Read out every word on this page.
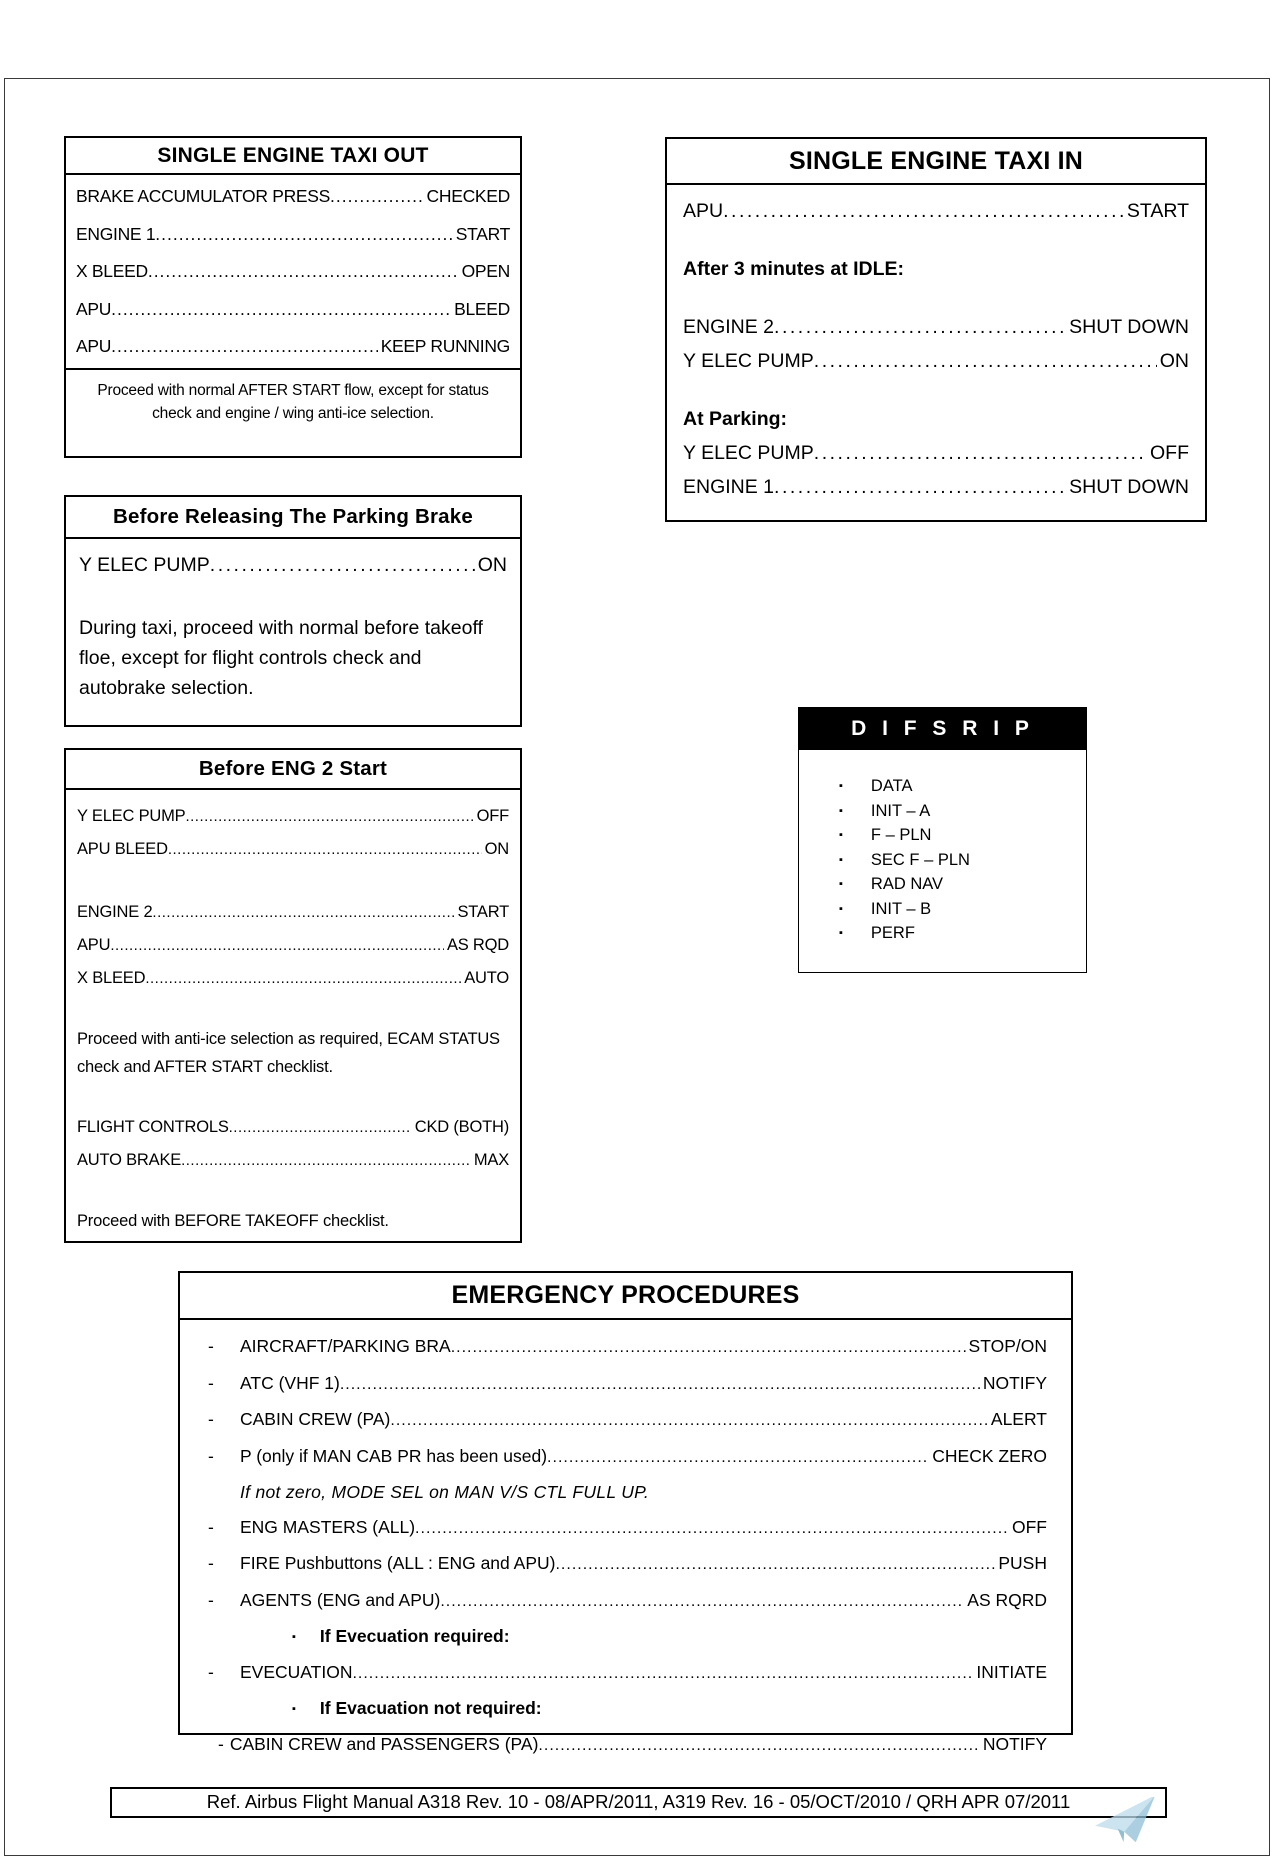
SINGLE ENGINE TAXI OUT
BRAKE ACCUMULATOR PRESS .....	CHECKED
ENGINE 1 .....	START
X BLEED .....	OPEN
APU .....	BLEED
APU .....	KEEP RUNNING
Proceed with normal AFTER START flow, except for status check and engine / wing anti-ice selection.
SINGLE ENGINE TAXI IN
APU .....	START
After 3 minutes at IDLE:
ENGINE 2 .....	SHUT DOWN
Y ELEC PUMP .....	ON
At Parking:
Y ELEC PUMP .....	OFF
ENGINE 1 .....	SHUT DOWN
Before Releasing The Parking Brake
Y ELEC PUMP .....	ON
During taxi, proceed with normal before takeoff floe, except for flight controls check and autobrake selection.
Before ENG 2 Start
Y ELEC PUMP .....	OFF
APU BLEED .....	ON
ENGINE 2 .....	START
APU .....	AS RQD
X BLEED .....	AUTO
Proceed with anti-ice selection as required, ECAM STATUS check and AFTER START checklist.
FLIGHT CONTROLS .....	CKD (BOTH)
AUTO BRAKE .....	MAX
Proceed with BEFORE TAKEOFF checklist.
D I F S R I P
▪ DATA
▪ INIT – A
▪ F – PLN
▪ SEC F – PLN
▪ RAD NAV
▪ INIT – B
▪ PERF
EMERGENCY PROCEDURES
- AIRCRAFT/PARKING BRA .....	STOP/ON
- ATC (VHF 1) .....	NOTIFY
- CABIN CREW (PA) .....	ALERT
- P (only if MAN CAB PR has been used) .....	CHECK ZERO
If not zero, MODE SEL on MAN V/S CTL FULL UP.
- ENG MASTERS (ALL) .....	OFF
- FIRE Pushbuttons (ALL : ENG and APU) .....	PUSH
- AGENTS (ENG and APU) .....	AS RQRD
▪ If Evecuation required:
- EVECUATION .....	INITIATE
▪ If Evacuation not required:
- CABIN CREW and PASSENGERS (PA) .....	NOTIFY
Ref. Airbus Flight Manual A318 Rev. 10 - 08/APR/2011, A319 Rev. 16 - 05/OCT/2010 / QRH APR 07/2011
